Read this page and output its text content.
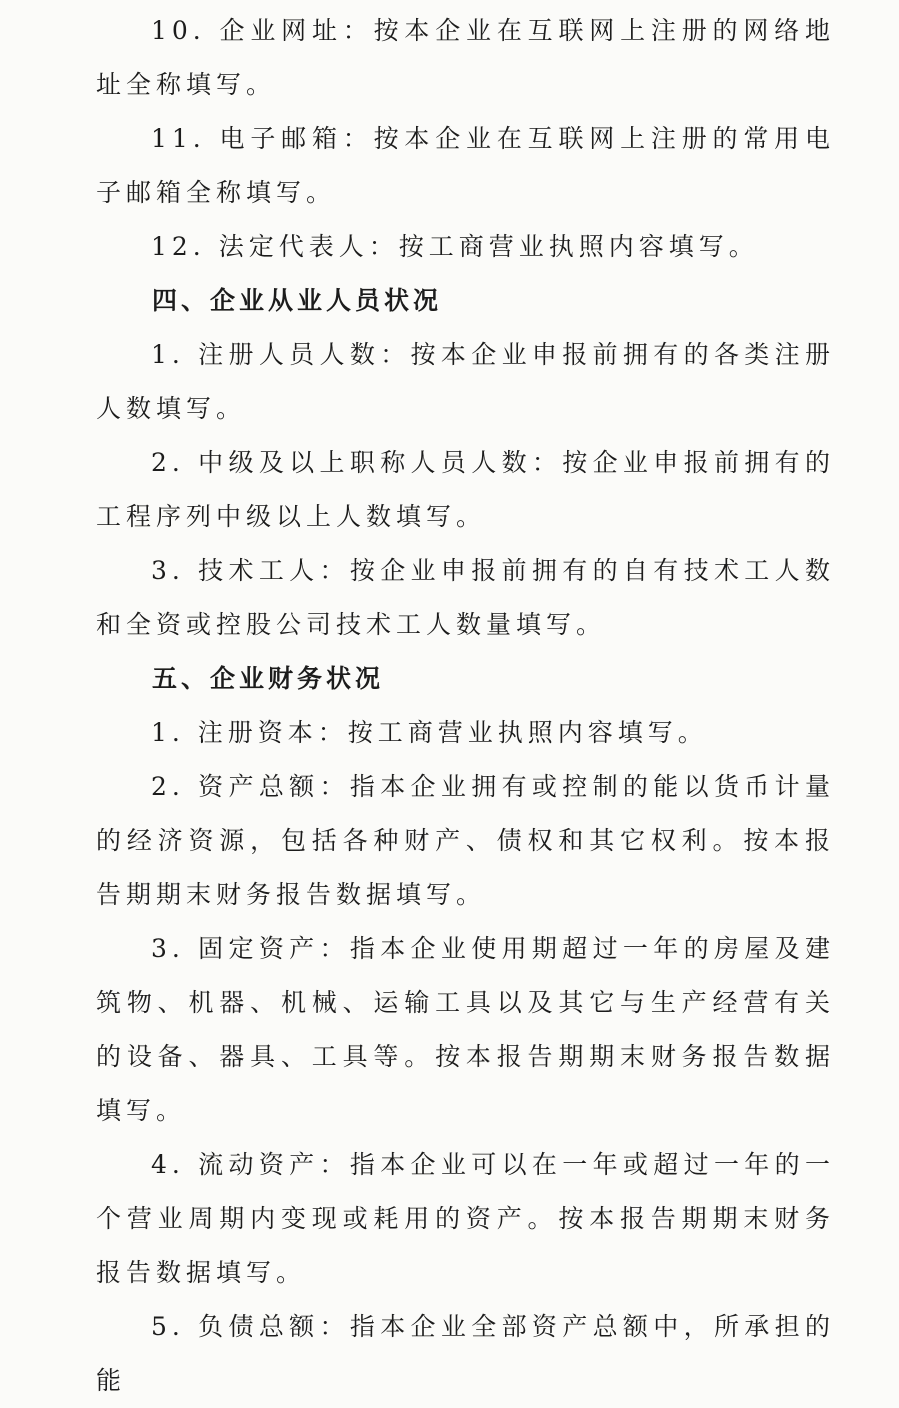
10. 企业网址：按本企业在互联网上注册的网络地址全称填写。

11. 电子邮箱：按本企业在互联网上注册的常用电子邮箱全称填写。

12. 法定代表人：按工商营业执照内容填写。

四、企业从业人员状况

1. 注册人员人数：按本企业申报前拥有的各类注册人数填写。

2. 中级及以上职称人员人数：按企业申报前拥有的工程序列中级以上人数填写。

3. 技术工人：按企业申报前拥有的自有技术工人数和全资或控股公司技术工人数量填写。

五、企业财务状况

1. 注册资本：按工商营业执照内容填写。

2. 资产总额：指本企业拥有或控制的能以货币计量的经济资源，包括各种财产、债权和其它权利。按本报告期期末财务报告数据填写。

3. 固定资产：指本企业使用期超过一年的房屋及建筑物、机器、机械、运输工具以及其它与生产经营有关的设备、器具、工具等。按本报告期期末财务报告数据填写。

4. 流动资产：指本企业可以在一年或超过一年的一个营业周期内变现或耗用的资产。按本报告期期末财务报告数据填写。

5. 负债总额：指本企业全部资产总额中，所承担的能
